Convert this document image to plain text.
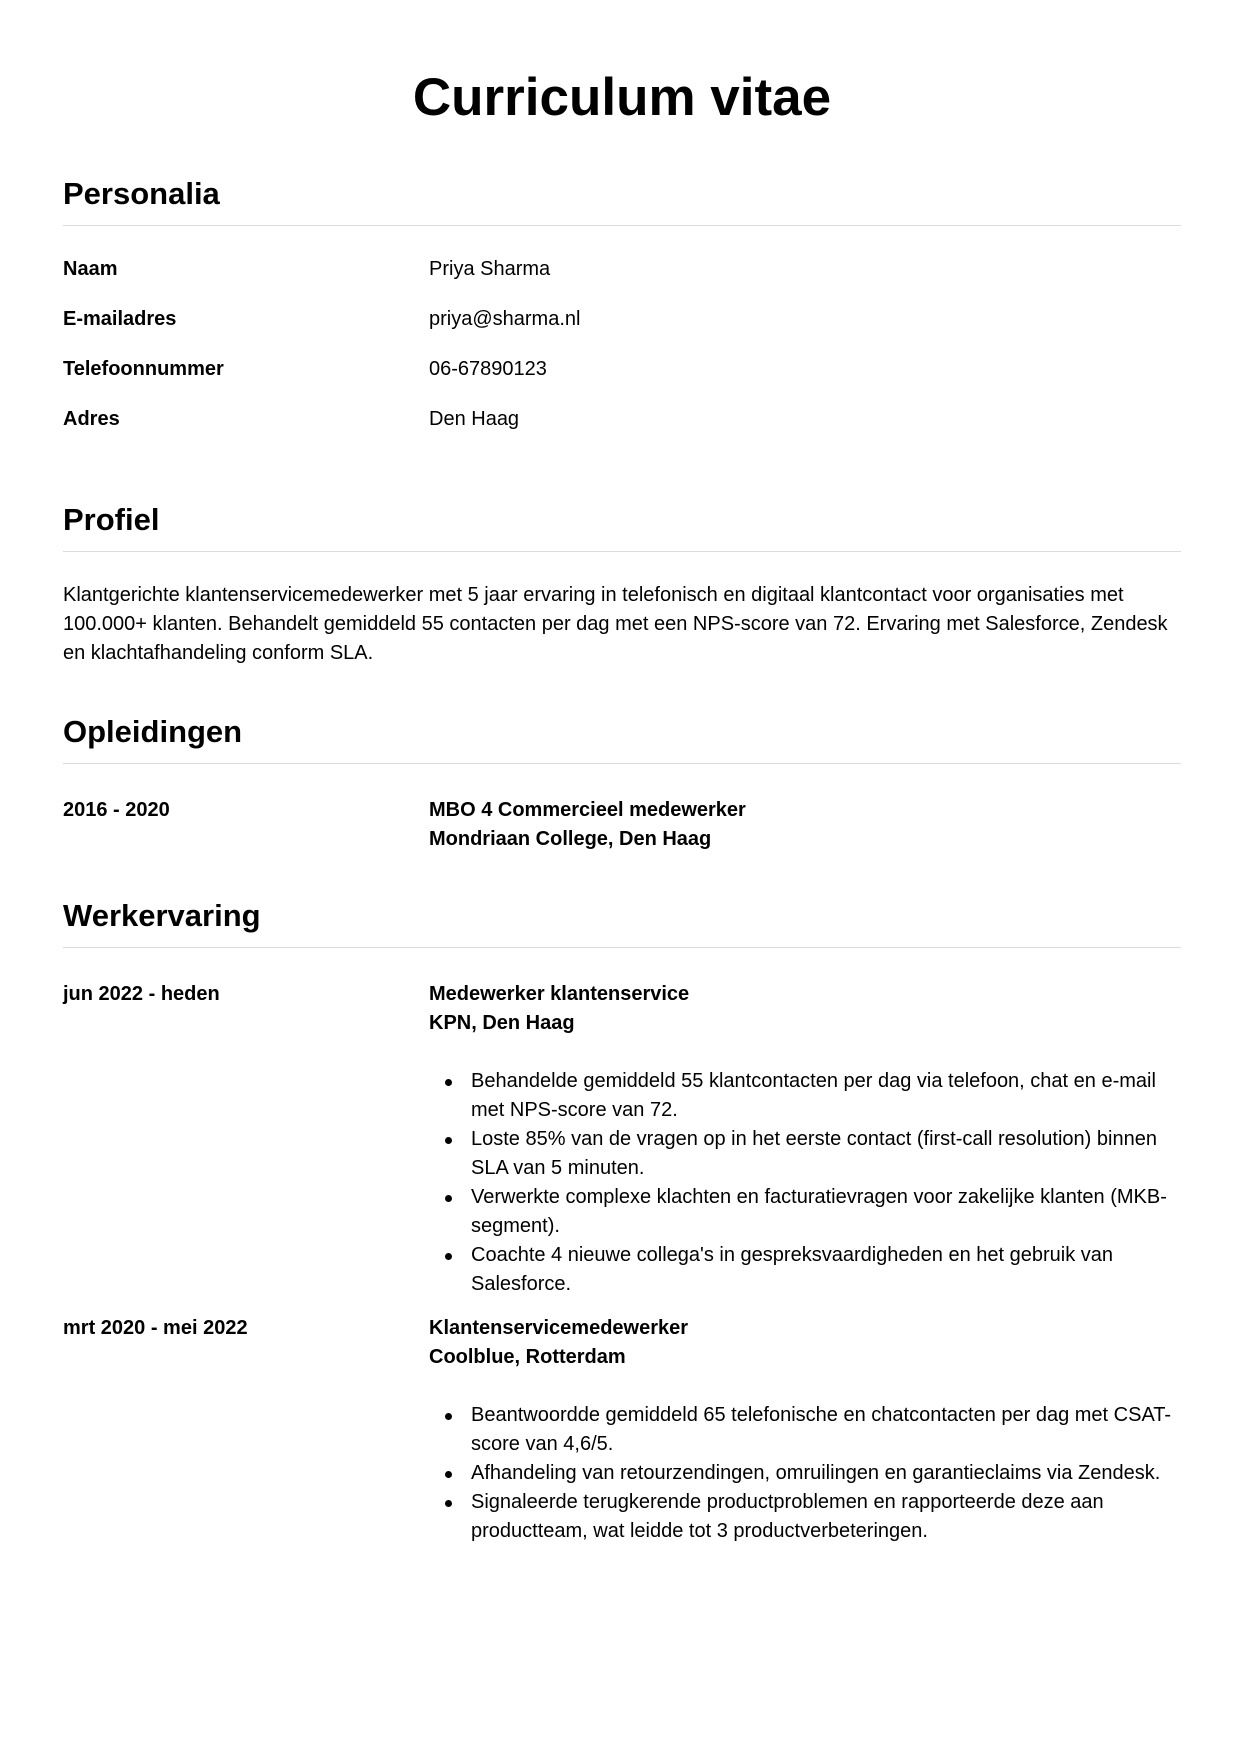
Curriculum vitae
Personalia
Naam	Priya Sharma
E-mailadres	priya@sharma.nl
Telefoonnummer	06-67890123
Adres	Den Haag
Profiel

Klantgerichte klantenservicemedewerker met 5 jaar ervaring in telefonisch en digitaal klantcontact voor organisaties met 100.000+ klanten. Behandelt gemiddeld 55 contacten per dag met een NPS-score van 72. Ervaring met Salesforce, Zendesk en klachtafhandeling conform SLA.

Opleidingen
2016 - 2020	MBO 4 Commercieel medewerker
Mondriaan College, Den Haag
Werkervaring
jun 2022 - heden	Medewerker klantenservice
KPN, Den Haag
Behandelde gemiddeld 55 klantcontacten per dag via telefoon, chat en e-mail met NPS-score van 72.
Loste 85% van de vragen op in het eerste contact (first-call resolution) binnen SLA van 5 minuten.
Verwerkte complexe klachten en facturatievragen voor zakelijke klanten (MKB-segment).
Coachte 4 nieuwe collega's in gespreksvaardigheden en het gebruik van Salesforce.
mrt 2020 - mei 2022	Klantenservicemedewerker
Coolblue, Rotterdam
Beantwoordde gemiddeld 65 telefonische en chatcontacten per dag met CSAT-score van 4,6/5.
Afhandeling van retourzendingen, omruilingen en garantieclaims via Zendesk.
Signaleerde terugkerende productproblemen en rapporteerde deze aan productteam, wat leidde tot 3 productverbeteringen.
